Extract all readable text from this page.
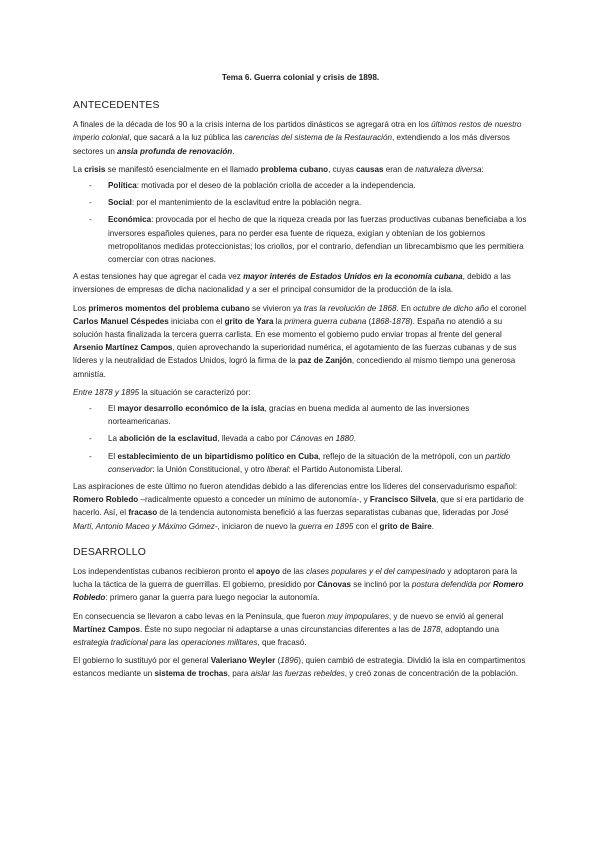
Tema 6. Guerra colonial y crisis de 1898.

ANTECEDENTES

A finales de la década de los 90 a la crisis interna de los partidos dinásticos se agregará otra en los últimos restos de nuestro imperio colonial, que sacará a la luz pública las carencias del sistema de la Restauración, extendiendo a los más diversos sectores un ansia profunda de renovación.

La crisis se manifestó esencialmente en el llamado problema cubano, cuyas causas eran de naturaleza diversa:

- Política: motivada por el deseo de la población criolla de acceder a la independencia.
- Social: por el mantenimiento de la esclavitud entre la población negra.
- Económica: provocada por el hecho de que la riqueza creada por las fuerzas productivas cubanas beneficiaba a los inversores españoles quienes, para no perder esa fuente de riqueza, exigían y obtenían de los gobiernos metropolitanos medidas proteccionistas; los criollos, por el contrario, defendían un librecambismo que les permitiera comerciar con otras naciones.

A estas tensiones hay que agregar el cada vez mayor interés de Estados Unidos en la economía cubana, debido a las inversiones de empresas de dicha nacionalidad y a ser el principal consumidor de la producción de la isla.

Los primeros momentos del problema cubano se vivieron ya tras la revolución de 1868. En octubre de dicho año el coronel Carlos Manuel Céspedes iniciaba con el grito de Yara la primera guerra cubana (1868-1878). España no atendió a su solución hasta finalizada la tercera guerra carlista. En ese momento el gobierno pudo enviar tropas al frente del general Arsenio Martínez Campos, quien aprovechando la superioridad numérica, el agotamiento de las fuerzas cubanas y de sus líderes y la neutralidad de Estados Unidos, logró la firma de la paz de Zanjón, concediendo al mismo tiempo una generosa amnistía.

Entre 1878 y 1895 la situación se caracterizó por:

- El mayor desarrollo económico de la isla, gracias en buena medida al aumento de las inversiones norteamericanas.
- La abolición de la esclavitud, llevada a cabo por Cánovas en 1880.
- El establecimiento de un bipartidismo político en Cuba, reflejo de la situación de la metrópoli, con un partido conservador: la Unión Constitucional, y otro liberal: el Partido Autonomista Liberal.

Las aspiraciones de este último no fueron atendidas debido a las diferencias entre los líderes del conservadurismo español: Romero Robledo –radicalmente opuesto a conceder un mínimo de autonomía-, y Francisco Silvela, que sí era partidario de hacerlo. Así, el fracaso de la tendencia autonomista benefició a las fuerzas separatistas cubanas que, lideradas por José Martí, Antonio Maceo y Máximo Gómez-, iniciaron de nuevo la guerra en 1895 con el grito de Baire.

DESARROLLO

Los independentistas cubanos recibieron pronto el apoyo de las clases populares y el del campesinado y adoptaron para la lucha la táctica de la guerra de guerrillas. El gobierno, presidido por Cánovas se inclinó por la postura defendida por Romero Robledo: primero ganar la guerra para luego negociar la autonomía.

En consecuencia se llevaron a cabo levas en la Península, que fueron muy impopulares, y de nuevo se envió al general Martínez Campos. Éste no supo negociar ni adaptarse a unas circunstancias diferentes a las de 1878, adoptando una estrategia tradicional para las operaciones militares, que fracasó.

El gobierno lo sustituyó por el general Valeriano Weyler (1896), quien cambió de estrategia. Dividió la isla en compartimentos estancos mediante un sistema de trochas, para aislar las fuerzas rebeldes, y creó zonas de concentración de la población.
